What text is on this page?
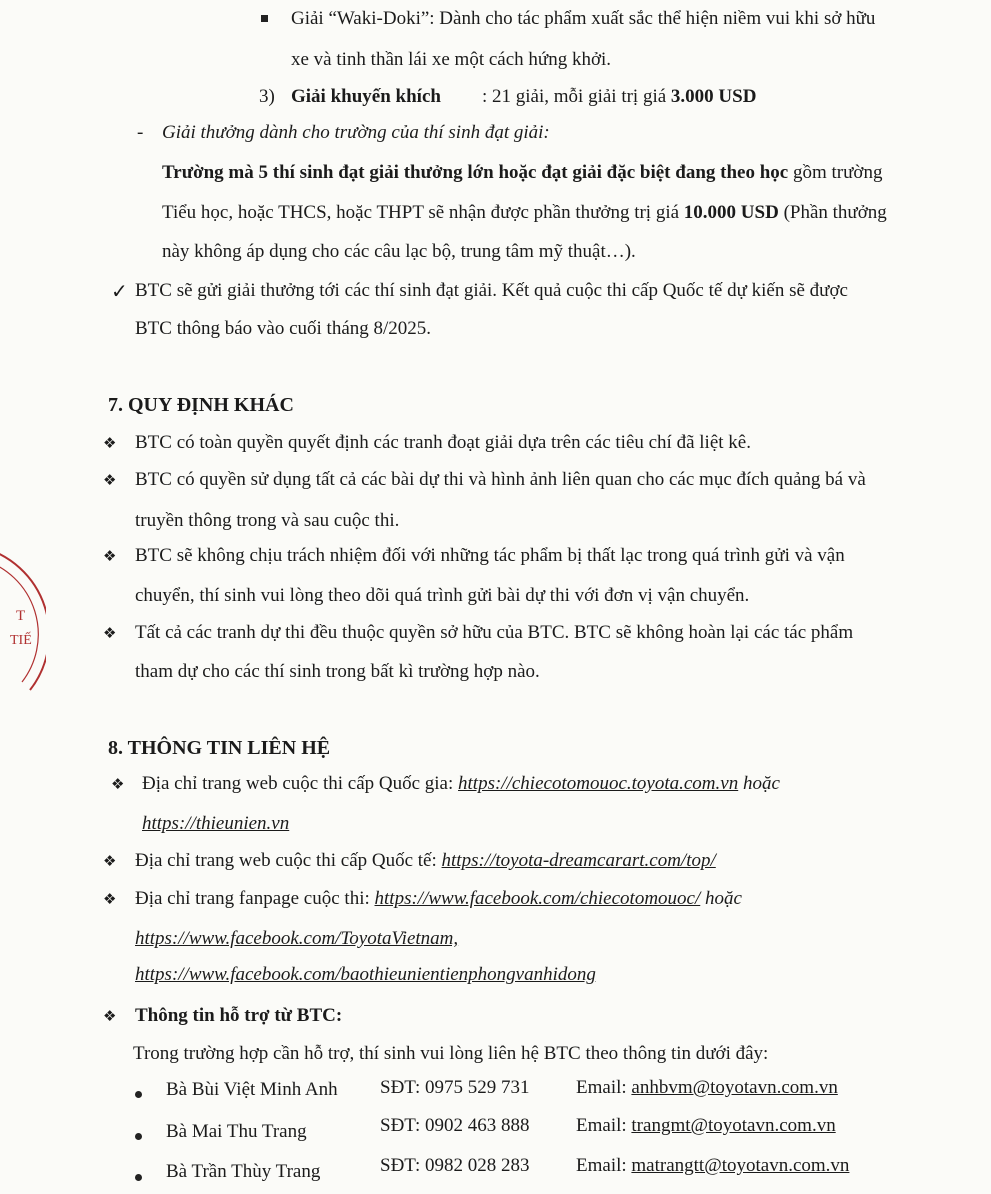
Giải “Waki-Doki”: Dành cho tác phẩm xuất sắc thể hiện niềm vui khi sở hữu
xe và tinh thần lái xe một cách hứng khởi.
3) Giải khuyến khích : 21 giải, mỗi giải trị giá 3.000 USD
- Giải thưởng dành cho trường của thí sinh đạt giải:
Trường mà 5 thí sinh đạt giải thưởng lớn hoặc đạt giải đặc biệt đang theo học gồm trường
Tiểu học, hoặc THCS, hoặc THPT sẽ nhận được phần thưởng trị giá 10.000 USD (Phần thưởng
này không áp dụng cho các câu lạc bộ, trung tâm mỹ thuật…).
✓ BTC sẽ gửi giải thưởng tới các thí sinh đạt giải. Kết quả cuộc thi cấp Quốc tế dự kiến sẽ được
BTC thông báo vào cuối tháng 8/2025.
7. QUY ĐỊNH KHÁC
❖ BTC có toàn quyền quyết định các tranh đoạt giải dựa trên các tiêu chí đã liệt kê.
❖ BTC có quyền sử dụng tất cả các bài dự thi và hình ảnh liên quan cho các mục đích quảng bá và
truyền thông trong và sau cuộc thi.
❖ BTC sẽ không chịu trách nhiệm đối với những tác phẩm bị thất lạc trong quá trình gửi và vận
chuyển, thí sinh vui lòng theo dõi quá trình gửi bài dự thi với đơn vị vận chuyển.
❖ Tất cả các tranh dự thi đều thuộc quyền sở hữu của BTC. BTC sẽ không hoàn lại các tác phẩm
tham dự cho các thí sinh trong bất kì trường hợp nào.
8. THÔNG TIN LIÊN HỆ
❖ Địa chỉ trang web cuộc thi cấp Quốc gia: https://chiecotomouoc.toyota.com.vn hoặc
https://thieunien.vn
❖ Địa chỉ trang web cuộc thi cấp Quốc tế: https://toyota-dreamcarart.com/top/
❖ Địa chỉ trang fanpage cuộc thi: https://www.facebook.com/chiecotomouoc/ hoặc
https://www.facebook.com/ToyotaVietnam,
https://www.facebook.com/baothieunientienphongvanhidong
❖ Thông tin hỗ trợ từ BTC:
Trong trường hợp cần hỗ trợ, thí sinh vui lòng liên hệ BTC theo thông tin dưới đây:
Bà Bùi Việt Minh Anh SĐT: 0975 529 731 Email: anhbvm@toyotavn.com.vn
Bà Mai Thu Trang	SĐT: 0902 463 888 Email: trangmt@toyotavn.com.vn
Bà Trần Thùy Trang	SĐT: 0982 028 283 Email: matrangtt@toyotavn.com.vn
T
TIẾ
